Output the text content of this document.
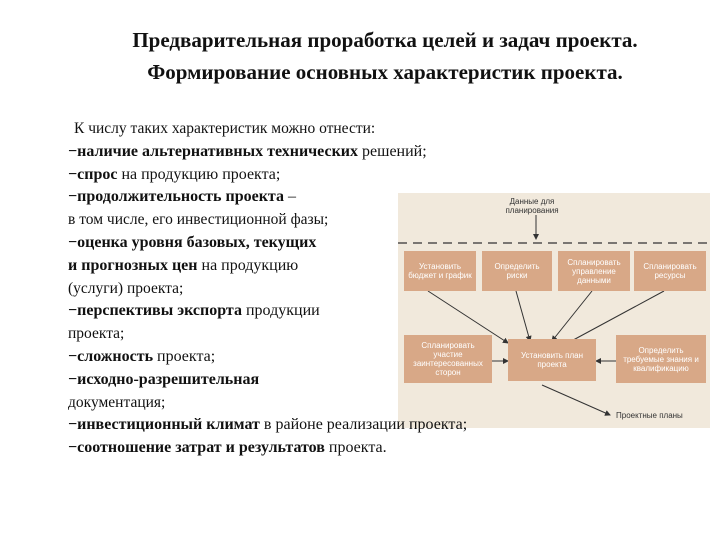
Предварительная проработка целей и задач проекта.
Формирование основных характеристик проекта.
Данные для планирования
Установить бюджет и график
Определить риски
Спланировать управление данными
Спланировать ресурсы
Спланировать участие заинтересованных сторон
Установить план проекта
Определить требуемые знания и квалификацию
Проектные планы
К числу таких характеристик можно отнести:
−наличие альтернативных технических решений;
−спрос на продукцию проекта;
−продолжительность проекта –
в том числе, его инвестиционной фазы;
−оценка уровня базовых, текущих
и прогнозных цен на продукцию
(услуги) проекта;
−перспективы экспорта продукции
проекта;
−сложность проекта;
−исходно-разрешительная
документация;
−инвестиционный климат в районе реализации проекта;
−соотношение затрат и результатов проекта.
